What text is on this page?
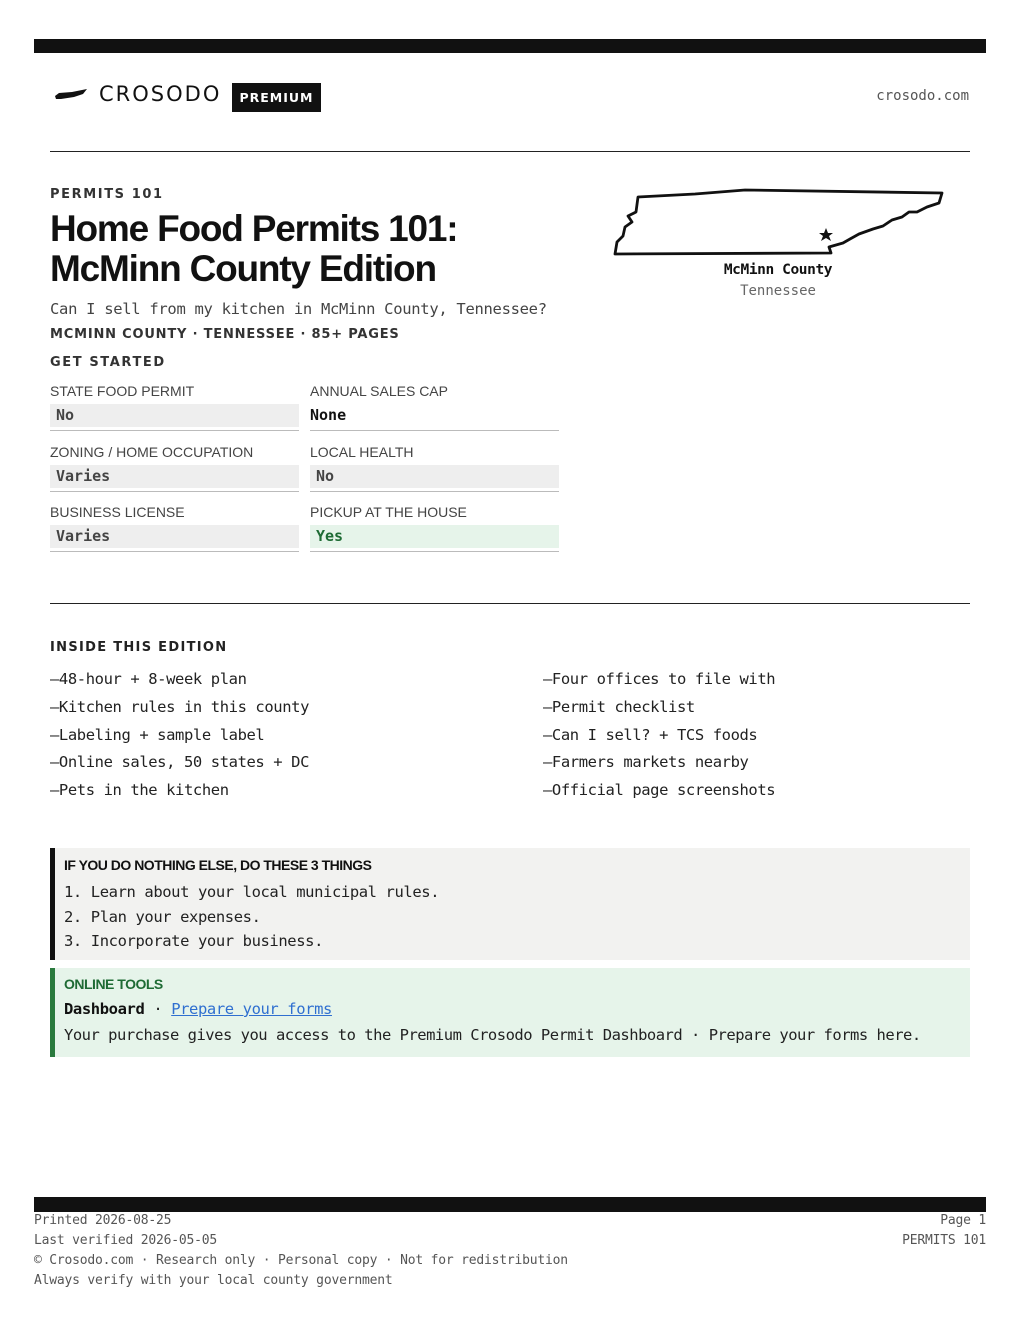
CROSODO	PREMIUM	crosodo.com
PERMITS 101
Home Food Permits 101: McMinn County Edition
Can I sell from my kitchen in McMinn County, Tennessee?
MCMINN COUNTY · TENNESSEE · 85+ PAGES
GET STARTED
McMinn County
Tennessee
STATE FOOD PERMIT
No
ANNUAL SALES CAP
None
ZONING / HOME OCCUPATION
Varies
LOCAL HEALTH
No
BUSINESS LICENSE
Varies
PICKUP AT THE HOUSE
Yes
INSIDE THIS EDITION
—48-hour + 8-week plan
—Kitchen rules in this county
—Labeling + sample label
—Online sales, 50 states + DC
—Pets in the kitchen
—Four offices to file with
—Permit checklist
—Can I sell? + TCS foods
—Farmers markets nearby
—Official page screenshots
IF YOU DO NOTHING ELSE, DO THESE 3 THINGS
1. Learn about your local municipal rules.
2. Plan your expenses.
3. Incorporate your business.
ONLINE TOOLS
Dashboard · Prepare your forms
Your purchase gives you access to the Premium Crosodo Permit Dashboard · Prepare your forms here.
Printed 2026-08-25
Last verified 2026-05-05
© Crosodo.com · Research only · Personal copy · Not for redistribution
Always verify with your local county government
Page 1
PERMITS 101
